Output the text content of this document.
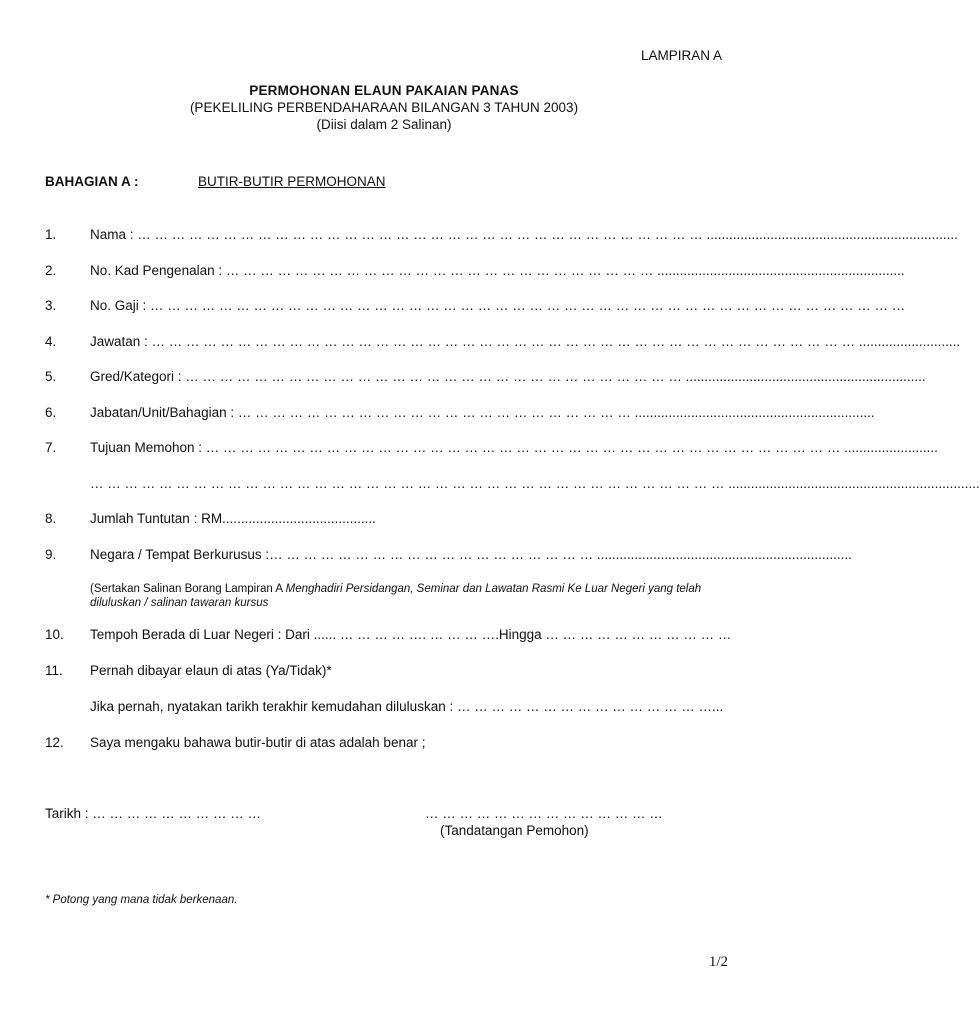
LAMPIRAN A
PERMOHONAN ELAUN PAKAIAN PANAS
(PEKELILING PERBENDAHARAAN BILANGAN 3 TAHUN 2003)
(Diisi dalam 2 Salinan)
BAHAGIAN A :	BUTIR-BUTIR PERMOHONAN
1. Nama : … … … … … … … … … … … … … … … … … … … … … … … … … … … … … … … … … ...................................................................
2. No. Kad Pengenalan : … … … … … … … … … … … … … … … … … … … … … … … … … ..................................................................
3. No. Gaji : … … … … … … … … … … … … … … … … … … … … … … … … … … … … … … … … … … … … … … … … … … … …
4. Jawatan : … … … … … … … … … … … … … … … … … … … … … … … … … … … … … … … … … … … … … … … … … ...........................
5. Gred/Kategori : … … … … … … … … … … … … … … … … … … … … … … … … … … … … … ................................................................
6. Jabatan/Unit/Bahagian : … … … … … … … … … … … … … … … … … … … … … … … ................................................................
7. Tujuan Memohon : … … … … … … … … … … … … … … … … … … … … … … … … … … … … … … … … … … … … … .........................
… … … … … … … … … … … … … … … … … … … … … … … … … … … … … … … … … … … … … ...................................................................
8. Jumlah Tuntutan : RM.........................................
9. Negara / Tempat Berkurusus :… … … … … … … … … … … … … … … … … … … ....................................................................
(Sertakan Salinan Borang Lampiran A Menghadiri Persidangan, Seminar dan Lawatan Rasmi Ke Luar Negeri yang telah diluluskan / salinan tawaran kursus
10. Tempoh Berada di Luar Negeri : Dari ...... … … … … …. … … … ….Hingga … … … … … … … … … … …
11. Pernah dibayar elaun di atas (Ya/Tidak)*
Jika pernah, nyatakan tarikh terakhir kemudahan diluluskan : … … … … … … … … … … … … … … …...
12. Saya mengaku bahawa butir-butir di atas adalah benar ;
Tarikh : … … … … … … … … … …	… … … … … … … … … … … … … …
(Tandatangan Pemohon)
* Potong yang mana tidak berkenaan.
1/2
